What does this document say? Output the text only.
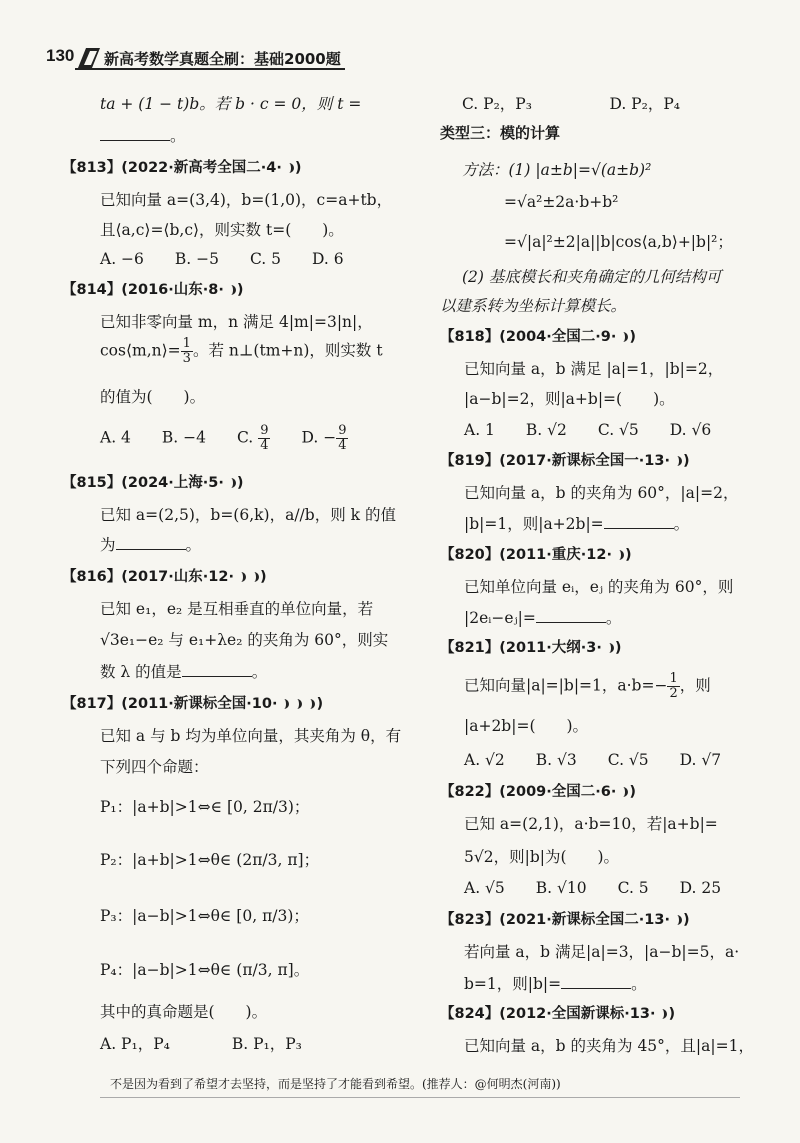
130 新高考数学真题全刷：基础2000题
ta + (1 − t)b。若 b · c = 0，则 t =
。
【813】(2022·新高考全国二·4· )
已知向量 a=(3,4)，b=(1,0)，c=a+tb，
且⟨a,c⟩=⟨b,c⟩，则实数 t=(　　)。
A. −6　　B. −5　　C. 5　　D. 6
【814】(2016·山东·8· )
已知非零向量 m，n 满足 4|m|=3|n|，
cos⟨m,n⟩= $\frac{1}{3}$ 。若 n⊥(tm+n)，则实数 t
的值为(　　)。
A. 4　　B. −4　　C. $\frac{9}{4}$
　　 D. − $\frac{9}{4}$
【815】(2024·上海·5· )
已知 a=(2,5)，b=(6,k)，a//b，则 k 的值
为	。
【816】(2017·山东·12· )
已知 e₁，e₂ 是互相垂直的单位向量，若
√3e₁−e₂ 与 e₁+λe₂ 的夹角为 60°，则实
数 λ 的值是	。
【817】(2011·新课标全国·10·	)
已知 a 与 b 均为单位向量，其夹角为 θ，有
下列四个命题：
P₁：|a+b|>1⇔∈ [0, 2π/3)；
P₂：|a+b|>1⇔θ∈ (2π/3, π]；
P₃：|a−b|>1⇔θ∈ [0, π/3)；
P₄：|a−b|>1⇔θ∈ (π/3, π]。
其中的真命题是(　　)。
A. P₁，P₄　　　　B. P₁，P₃
C. P₂，P₃　　　　　D. P₂，P₄
类型三：模的计算
方法：(1) |a±b|=√(a±b)²
=√a²±2a·b+b²
=√|a|²±2|a||b|cos⟨a,b⟩+|b|²；
(2) 基底模长和夹角确定的几何结构可
以建系转为坐标计算模长。
【818】(2004·全国二·9· )
已知向量 a，b 满足 |a|=1，|b|=2，
|a−b|=2，则|a+b|=(　　)。
A. 1　　B. √2　　C. √5　　D. √6
【819】(2017·新课标全国一·13· )
已知向量 a，b 的夹角为 60°，|a|=2，
|b|=1，则|a+2b|=	。
【820】(2011·重庆·12· )
已知单位向量 eᵢ，eⱼ 的夹角为 60°，则
|2eᵢ−eⱼ|=	。
【821】(2011·大纲·3· )
已知向量|a|=|b|=1，$a\cdot b=- \frac{1}{2}$ ，则
|a+2b|=(　　)。
A. √2　　B. √3　　C. √5　　D. √7
【822】(2009·全国二·6· )
已知 a=(2,1)，a·b=10，若|a+b|=
5√2，则|b|为(　　)。
A. √5　　B. √10　　C. 5　　D. 25
【823】(2021·新课标全国二·13· )
若向量 a，b 满足|a|=3，|a−b|=5，a·
b=1，则|b|=	。
【824】(2012·全国新课标·13· )
已知向量 a，b 的夹角为 45°，且|a|=1，
不是因为看到了希望才去坚持，而是坚持了才能看到希望。(推荐人：@何明杰(河南))
